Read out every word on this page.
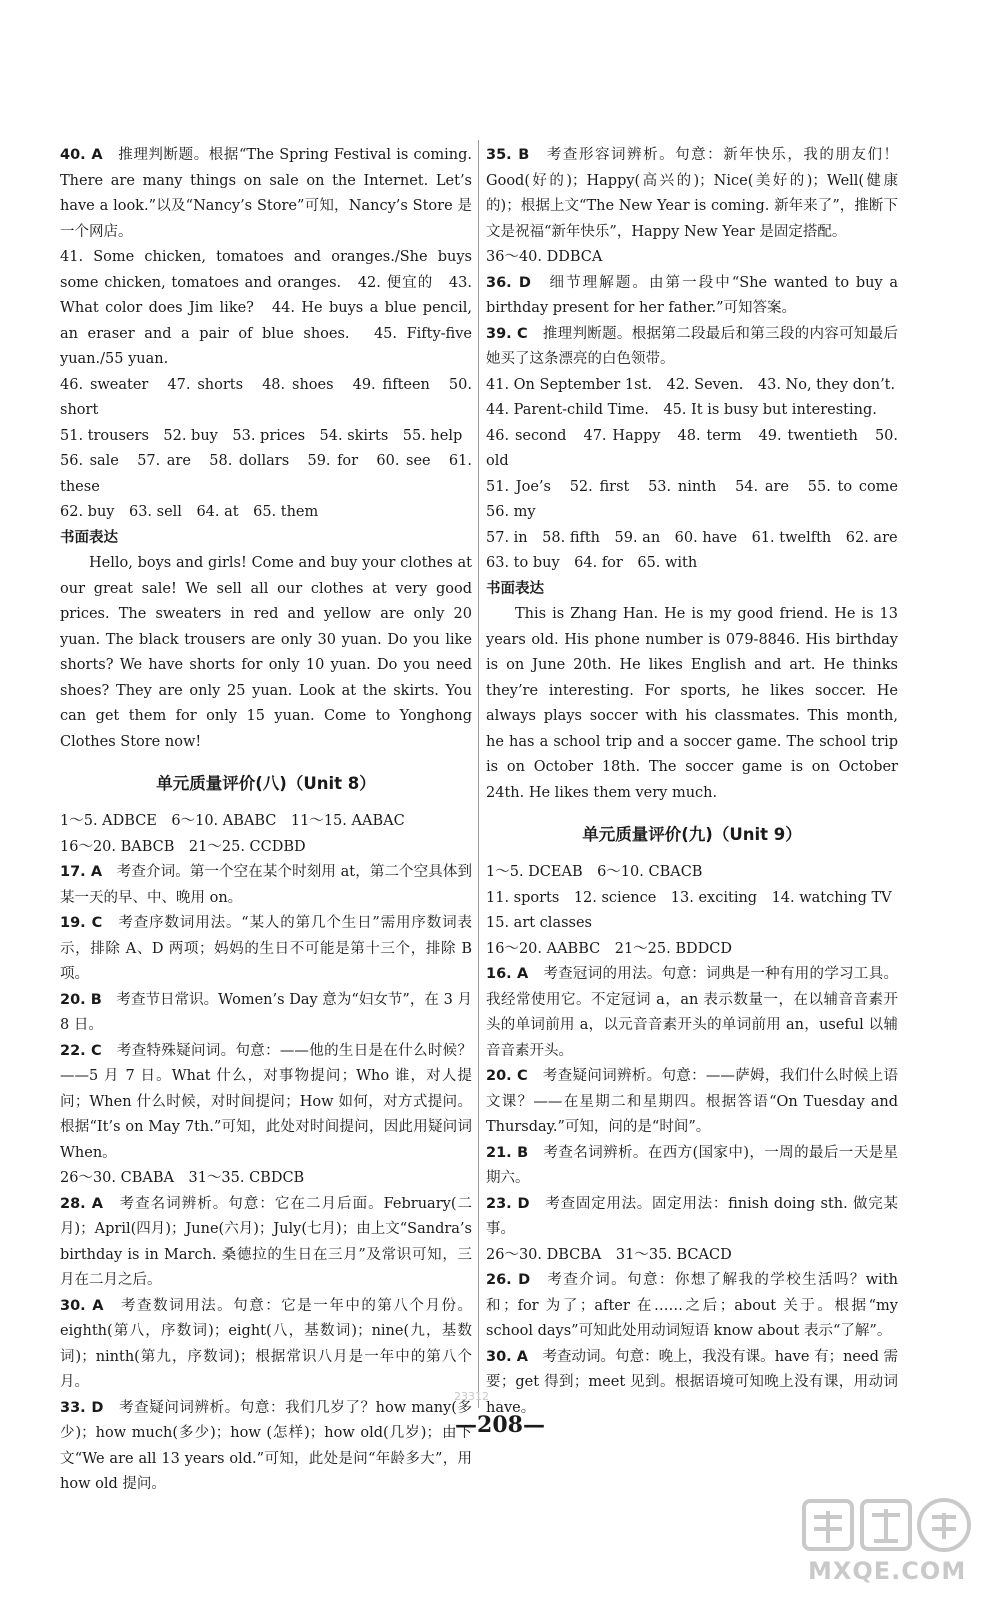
40. A　 推理判断题。根据“The Spring Festival is coming. There are many things on sale on the Internet. Let’s have a look.”以及“Nancy’s Store”可知，Nancy’s Store 是一个网店。

41. Some chicken, tomatoes and oranges./She buys some chicken, tomatoes and oranges.　42. 便宜的　43. What color does Jim like?　44. He buys a blue pencil, an eraser and a pair of blue shoes.　45. Fifty-five yuan./55 yuan.

46. sweater　47. shorts　48. shoes　49. fifteen　50. short

51. trousers　52. buy　53. prices　54. skirts　55. help

56. sale　57. are　58. dollars　59. for　60. see　61. these

62. buy　63. sell　64. at　65. them

书面表达

Hello, boys and girls! Come and buy your clothes at our great sale! We sell all our clothes at very good prices. The sweaters in red and yellow are only 20 yuan. The black trousers are only 30 yuan. Do you like shorts? We have shorts for only 10 yuan. Do you need shoes? They are only 25 yuan. Look at the skirts. You can get them for only 15 yuan. Come to Yonghong Clothes Store now!

单元质量评价(八)（Unit 8）

1～5. ADBCE　6～10. ABABC　11～15. AABAC

16～20. BABCB　21～25. CCDBD

17. A　 考查介词。第一个空在某个时刻用 at，第二个空具体到某一天的早、中、晚用 on。

19. C　 考查序数词用法。“某人的第几个生日”需用序数词表示，排除 A、D 两项；妈妈的生日不可能是第十三个，排除 B 项。

20. B　 考查节日常识。Women’s Day 意为“妇女节”，在 3 月 8 日。

22. C　 考查特殊疑问词。句意：——他的生日是在什么时候？——5 月 7 日。What 什么，对事物提问；Who 谁，对人提问；When 什么时候，对时间提问；How 如何，对方式提问。根据“It’s on May 7th.”可知，此处对时间提问，因此用疑问词 When。

26～30. CBABA　31～35. CBDCB

28. A　 考查名词辨析。句意：它在二月后面。February(二月)；April(四月)；June(六月)；July(七月)；由上文“Sandra’s birthday is in March. 桑德拉的生日在三月”及常识可知，三月在二月之后。

30. A　 考查数词用法。句意：它是一年中的第八个月份。eighth(第八，序数词)；eight(八，基数词)；nine(九，基数词)；ninth(第九，序数词)；根据常识八月是一年中的第八个月。

33. D　 考查疑问词辨析。句意：我们几岁了？how many(多少)；how much(多少)；how (怎样)；how old(几岁)；由下文“We are all 13 years old.”可知，此处是问“年龄多大”，用 how old 提问。

35. B　 考查形容词辨析。句意：新年快乐，我的朋友们！Good(好的)；Happy(高兴的)；Nice(美好的)；Well(健康的)；根据上文“The New Year is coming. 新年来了”，推断下文是祝福“新年快乐”，Happy New Year 是固定搭配。

36～40. DDBCA

36. D　 细节理解题。由第一段中“She wanted to buy a birthday present for her father.”可知答案。

39. C　 推理判断题。根据第二段最后和第三段的内容可知最后她买了这条漂亮的白色领带。

41. On September 1st.　42. Seven.　43. No, they don’t.

44. Parent-child Time.　45. It is busy but interesting.

46. second　47. Happy　48. term　49. twentieth　50. old

51. Joe’s　52. first　53. ninth　54. are　55. to come　56. my

57. in　58. fifth　59. an　60. have　61. twelfth　62. are

63. to buy　64. for　65. with

书面表达

This is Zhang Han. He is my good friend. He is 13 years old. His phone number is 079-8846. His birthday is on June 20th. He likes English and art. He thinks they’re interesting. For sports, he likes soccer. He always plays soccer with his classmates. This month, he has a school trip and a soccer game. The school trip is on October 18th. The soccer game is on October 24th. He likes them very much.

单元质量评价(九)（Unit 9）

1～5. DCEAB　6～10. CBACB

11. sports　12. science　13. exciting　14. watching TV

15. art classes

16～20. AABBC　21～25. BDDCD

16. A　 考查冠词的用法。句意：词典是一种有用的学习工具。我经常使用它。不定冠词 a，an 表示数量一，在以辅音音素开头的单词前用 a，以元音音素开头的单词前用 an，useful 以辅音音素开头。

20. C　 考查疑问词辨析。句意：——萨姆，我们什么时候上语文课？——在星期二和星期四。根据答语“On Tuesday and Thursday.”可知，问的是“时间”。

21. B　 考查名词辨析。在西方(国家中)，一周的最后一天是星期六。

23. D　 考查固定用法。固定用法：finish doing sth. 做完某事。

26～30. DBCBA　31～35. BCACD

26. D　 考查介词。句意：你想了解我的学校生活吗？with 和；for 为了；after 在……之后；about 关于。根据“my school days”可知此处用动词短语 know about 表示“了解”。

30. A　 考查动词。句意：晚上，我没有课。have 有；need 需要；get 得到；meet 见到。根据语境可知晚上没有课，用动词 have。

23312
—208—
MXQE.COM
